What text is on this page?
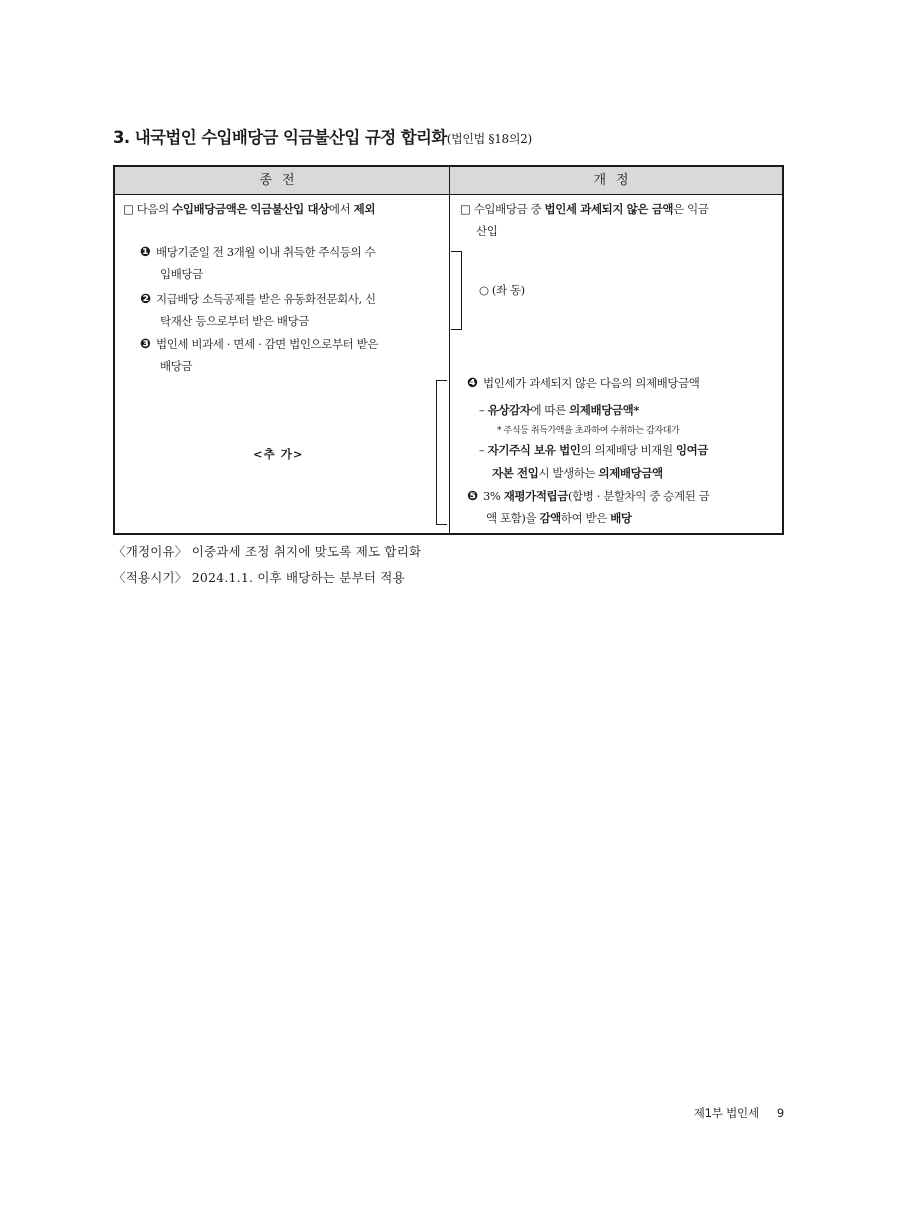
3. 내국법인 수입배당금 익금불산입 규정 합리화(법인법 §18의2)
종전	개정
□ 다음의 수입배당금액은 익금불산입 대상에서 제외
❶ 배당기준일 전 3개월 이내 취득한 주식등의 수
입배당금
❷ 지급배당 소득공제를 받은 유동화전문회사, 신
탁재산 등으로부터 받은 배당금
❸ 법인세 비과세 · 면세 · 감면 법인으로부터 받은
배당금
<추 가>
□ 수입배당금 중 법인세 과세되지 않은 금액은 익금
산입
○ (좌 동)
❹ 법인세가 과세되지 않은 다음의 의제배당금액
– 유상감자에 따른 의제배당금액*
* 주식등 취득가액을 초과하여 수취하는 감자대가
– 자기주식 보유 법인의 의제배당 비재원 잉여금
자본 전입시 발생하는 의제배당금액
❺ 3% 재평가적립금(합병 · 분할차익 중 승계된 금
액 포함)을 감액하여 받은 배당
〈개정이유〉 이중과세 조정 취지에 맞도록 제도 합리화
〈적용시기〉 2024.1.1. 이후 배당하는 분부터 적용
제1부 법인세 9
